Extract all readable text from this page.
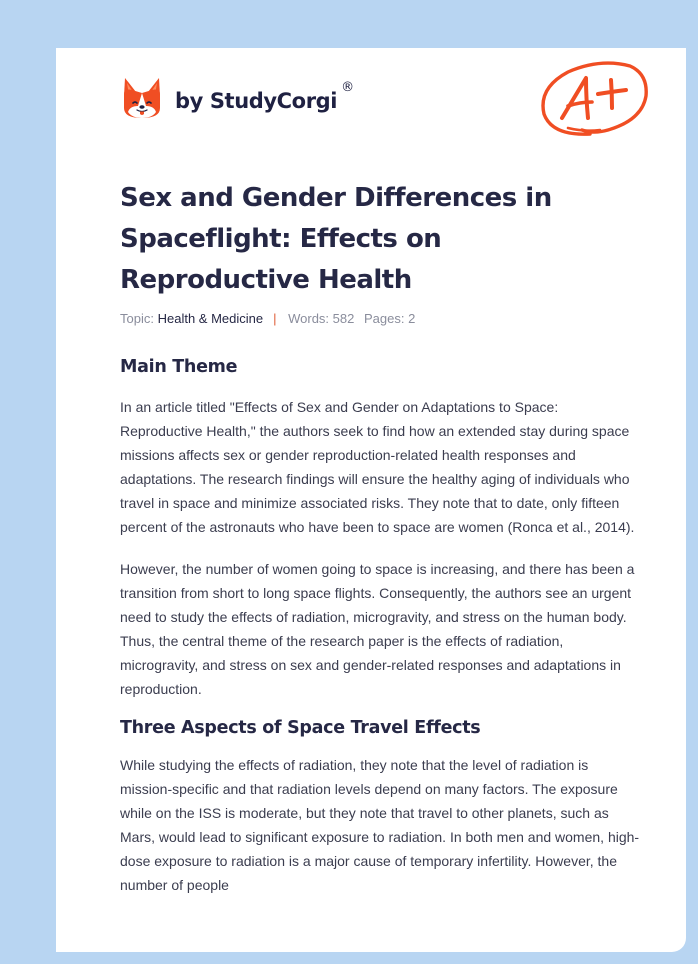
by StudyCorgi
®
Sex and Gender Differences in Spaceflight: Effects on Reproductive Health
Topic: Health & Medicine | Words: 582 Pages: 2
Main Theme

In an article titled "Effects of Sex and Gender on Adaptations to Space: Reproductive Health," the authors seek to find how an extended stay during space missions affects sex or gender reproduction-related health responses and adaptations. The research findings will ensure the healthy aging of individuals who travel in space and minimize associated risks. They note that to date, only fifteen percent of the astronauts who have been to space are women (Ronca et al., 2014).

However, the number of women going to space is increasing, and there has been a transition from short to long space flights. Consequently, the authors see an urgent need to study the effects of radiation, microgravity, and stress on the human body. Thus, the central theme of the research paper is the effects of radiation, microgravity, and stress on sex and gender-related responses and adaptations in reproduction.

Three Aspects of Space Travel Effects

While studying the effects of radiation, they note that the level of radiation is mission-specific and that radiation levels depend on many factors. The exposure while on the ISS is moderate, but they note that travel to other planets, such as Mars, would lead to significant exposure to radiation. In both men and women, high-dose exposure to radiation is a major cause of temporary infertility. However, the number of people
